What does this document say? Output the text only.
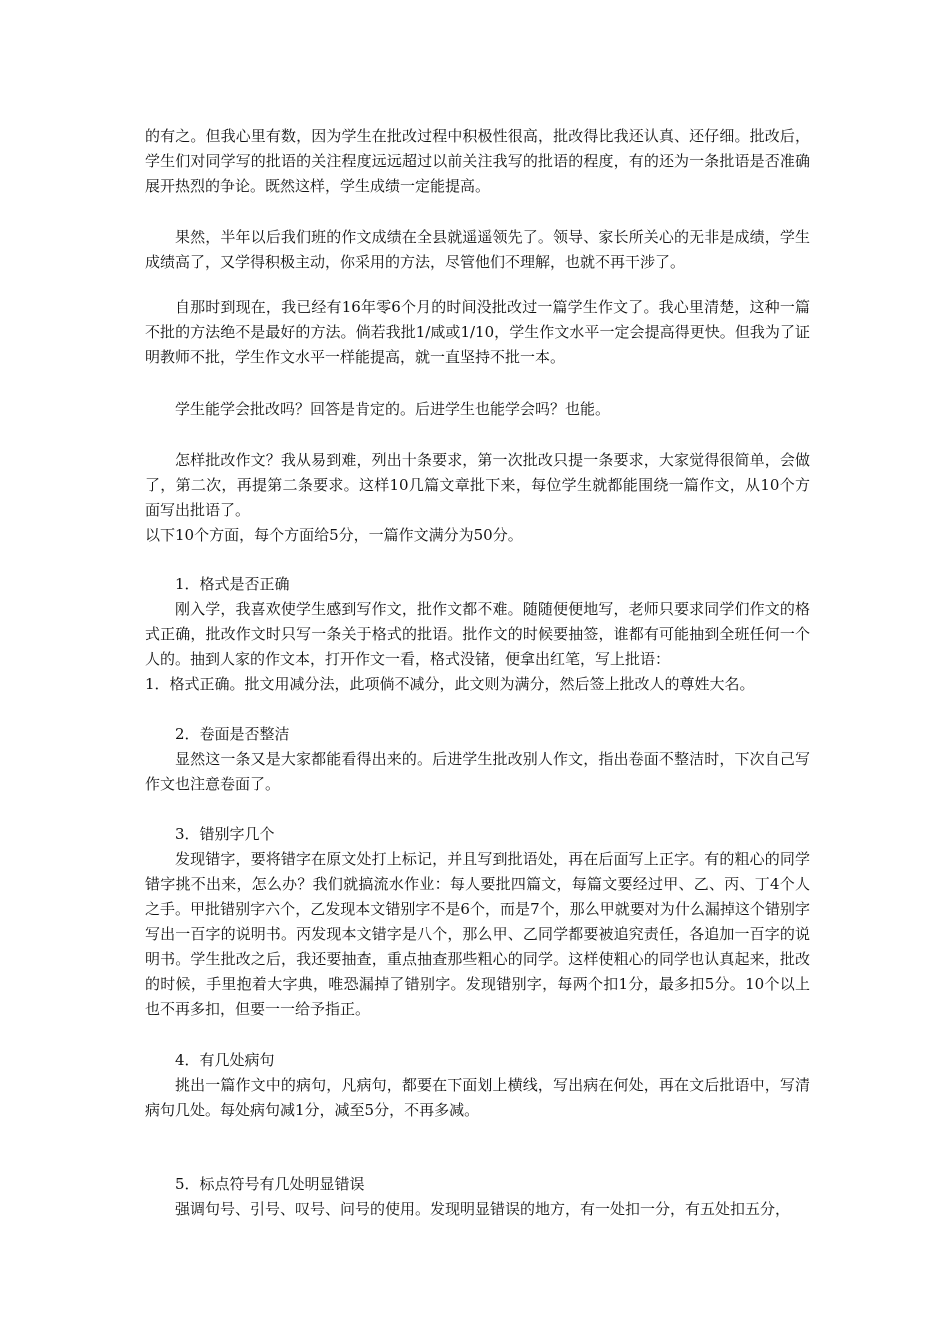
的有之。但我心里有数，因为学生在批改过程中积极性很高，批改得比我还认真、还仔细。批改后，学生们对同学写的批语的关注程度远远超过以前关注我写的批语的程度，有的还为一条批语是否准确展开热烈的争论。既然这样，学生成绩一定能提高。

果然，半年以后我们班的作文成绩在全县就遥遥领先了。领导、家长所关心的无非是成绩，学生成绩高了，又学得积极主动，你采用的方法，尽管他们不理解，也就不再干涉了。

自那时到现在，我已经有16年零6个月的时间没批改过一篇学生作文了。我心里清楚，这种一篇不批的方法绝不是最好的方法。倘若我批1/咸或1/10，学生作文水平一定会提高得更快。但我为了证明教师不批，学生作文水平一样能提高，就一直坚持不批一本。

学生能学会批改吗？回答是肯定的。后进学生也能学会吗？也能。

怎样批改作文？我从易到难，列出十条要求，第一次批改只提一条要求，大家觉得很简单，会做了，第二次，再提第二条要求。这样10几篇文章批下来，每位学生就都能围绕一篇作文，从10个方面写出批语了。

以下10个方面，每个方面给5分，一篇作文满分为50分。

1．格式是否正确

刚入学，我喜欢使学生感到写作文，批作文都不难。随随便便地写，老师只要求同学们作文的格式正确，批改作文时只写一条关于格式的批语。批作文的时候要抽签，谁都有可能抽到全班任何一个人的。抽到人家的作文本，打开作文一看，格式没锗，便拿出红笔，写上批语：

1．格式正确。批文用减分法，此项倘不减分，此文则为满分，然后签上批改人的尊姓大名。

2．卷面是否整洁

显然这一条又是大家都能看得出来的。后进学生批改别人作文，指出卷面不整洁时，下次自己写作文也注意卷面了。

3．错别字几个

发现错字，要将错字在原文处打上标记，并且写到批语处，再在后面写上正字。有的粗心的同学错字挑不出来，怎么办？我们就搞流水作业：每人要批四篇文，每篇文要经过甲、乙、丙、丁4个人之手。甲批错别字六个，乙发现本文错别字不是6个，而是7个，那么甲就要对为什么漏掉这个错别字写出一百字的说明书。丙发现本文错字是八个，那么甲、乙同学都要被追究责任，各追加一百字的说明书。学生批改之后，我还要抽查，重点抽查那些粗心的同学。这样使粗心的同学也认真起来，批改的时候，手里抱着大字典，唯恐漏掉了错别字。发现错别字，每两个扣1分，最多扣5分。10个以上也不再多扣，但要一一给予指正。

4．有几处病句

挑出一篇作文中的病句，凡病句，都要在下面划上横线，写出病在何处，再在文后批语中，写清病句几处。每处病句减1分，减至5分，不再多减。

5．标点符号有几处明显错误

强调句号、引号、叹号、问号的使用。发现明显错误的地方，有一处扣一分，有五处扣五分，
